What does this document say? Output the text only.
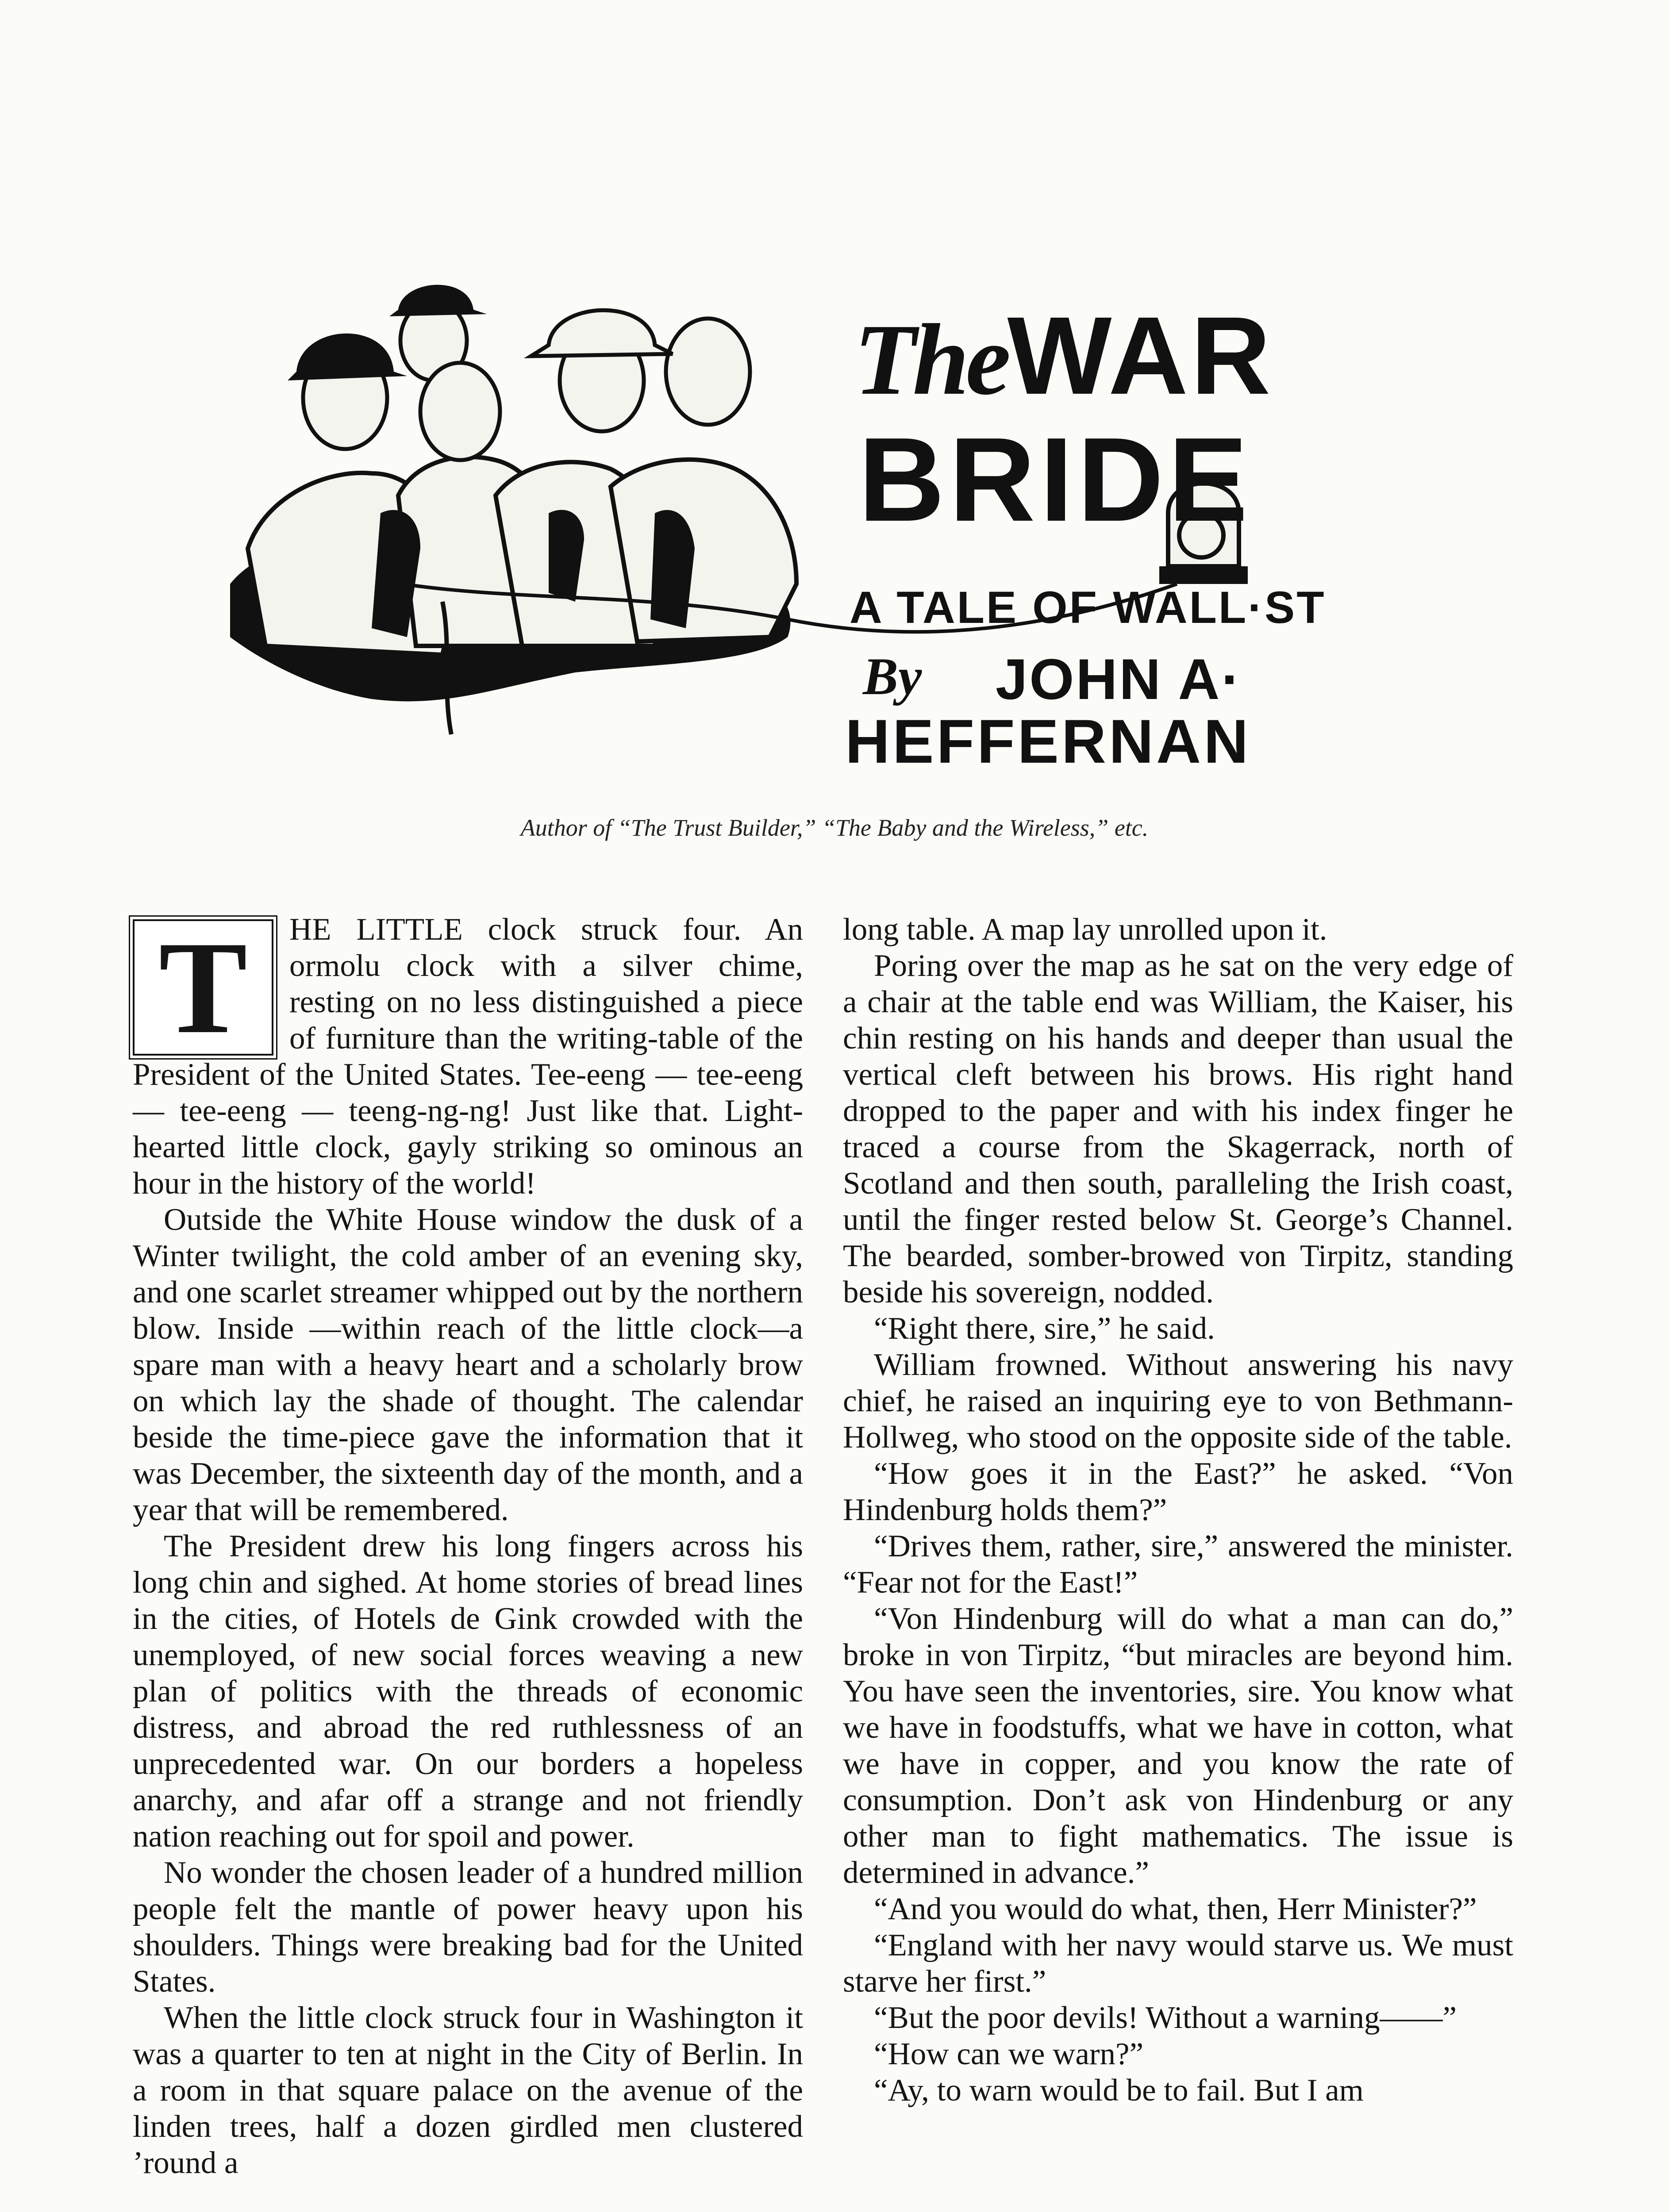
TheWAR
BRIDE
A TALE OF WALL·ST
By JOHN A·
HEFFERNAN
Author of “The Trust Builder,” “The Baby and the Wireless,” etc.
T	HE LITTLE clock struck four. An ormolu clock with a silver chime, resting on no less distinguished a piece of furniture than the writing-table of the President of the United States. Tee-eeng — tee-eeng — tee-eeng — teeng-ng-ng! Just like that. Light-hearted little clock, gayly striking so ominous an hour in the history of the world!

Outside the White House window the dusk of a Winter twilight, the cold amber of an evening sky, and one scarlet streamer whipped out by the northern blow. Inside —within reach of the little clock—a spare man with a heavy heart and a scholarly brow on which lay the shade of thought. The calendar beside the time-piece gave the information that it was December, the sixteenth day of the month, and a year that will be remembered.

The President drew his long fingers across his long chin and sighed. At home stories of bread lines in the cities, of Hotels de Gink crowded with the unemployed, of new social forces weaving a new plan of politics with the threads of economic distress, and abroad the red ruthlessness of an unprecedented war. On our borders a hopeless anarchy, and afar off a strange and not friendly nation reaching out for spoil and power.

No wonder the chosen leader of a hundred million people felt the mantle of power heavy upon his shoulders. Things were breaking bad for the United States.

When the little clock struck four in Washington it was a quarter to ten at night in the City of Berlin. In a room in that square palace on the avenue of the linden trees, half a dozen girdled men clustered ’round a

long table. A map lay unrolled upon it.

Poring over the map as he sat on the very edge of a chair at the table end was William, the Kaiser, his chin resting on his hands and deeper than usual the vertical cleft between his brows. His right hand dropped to the paper and with his index finger he traced a course from the Skagerrack, north of Scotland and then south, paralleling the Irish coast, until the finger rested below St. George’s Channel. The bearded, somber-browed von Tirpitz, standing beside his sovereign, nodded.

“Right there, sire,” he said.

William frowned. Without answering his navy chief, he raised an inquiring eye to von Bethmann-Hollweg, who stood on the opposite side of the table.

“How goes it in the East?” he asked. “Von Hindenburg holds them?”

“Drives them, rather, sire,” answered the minister. “Fear not for the East!”

“Von Hindenburg will do what a man can do,” broke in von Tirpitz, “but miracles are beyond him. You have seen the inventories, sire. You know what we have in foodstuffs, what we have in cotton, what we have in copper, and you know the rate of consumption. Don’t ask von Hindenburg or any other man to fight mathematics. The issue is determined in advance.”

“And you would do what, then, Herr Minister?”

“England with her navy would starve us. We must starve her first.”

“But the poor devils! Without a warning——”

“How can we warn?”

“Ay, to warn would be to fail. But I am
